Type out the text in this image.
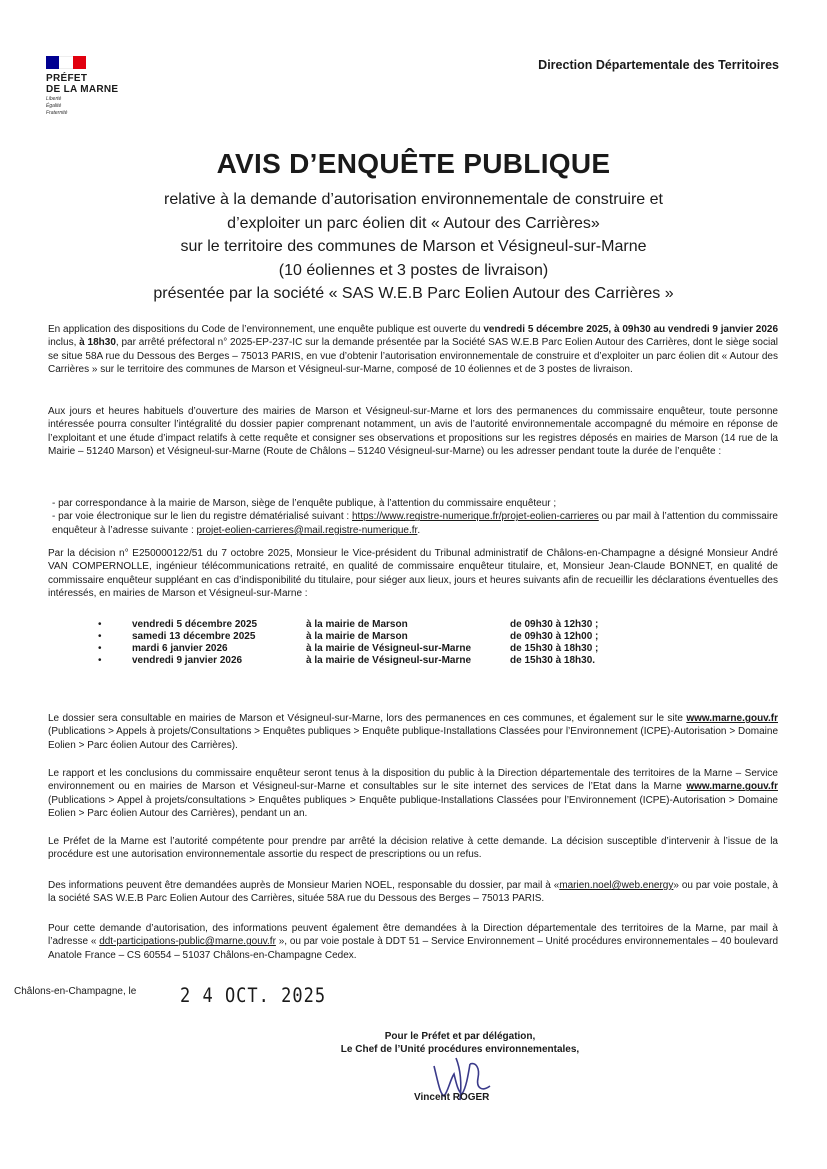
PRÉFET
DE LA MARNE
Liberté
Égalité
Fraternité
Direction Départementale des Territoires
AVIS D’ENQUÊTE PUBLIQUE
relative à la demande d’autorisation environnementale de construire et
d’exploiter un parc éolien dit « Autour des Carrières»
sur le territoire des communes de Marson et Vésigneul-sur-Marne
(10 éoliennes et 3 postes de livraison)
présentée par la société « SAS W.E.B Parc Eolien Autour des Carrières »

En application des dispositions du Code de l’environnement, une enquête publique est ouverte du vendredi 5 décembre 2025, à 09h30 au vendredi 9 janvier 2026 inclus, à 18h30, par arrêté préfectoral n° 2025-EP-237-IC sur la demande présentée par la Société SAS W.E.B Parc Eolien Autour des Carrières, dont le siège social se situe 58A rue du Dessous des Berges – 75013 PARIS, en vue d’obtenir l’autorisation environnementale de construire et d’exploiter un parc éolien dit « Autour des Carrières » sur le territoire des communes de Marson et Vésigneul-sur-Marne, composé de 10 éoliennes et de 3 postes de livraison.

Aux jours et heures habituels d’ouverture des mairies de Marson et Vésigneul-sur-Marne et lors des permanences du commissaire enquêteur, toute personne intéressée pourra consulter l’intégralité du dossier papier comprenant notamment, un avis de l’autorité environnementale accompagné du mémoire en réponse de l’exploitant et une étude d’impact relatifs à cette requête et consigner ses observations et propositions sur les registres déposés en mairies de Marson (14 rue de la Mairie – 51240 Marson) et Vésigneul-sur-Marne (Route de Châlons – 51240 Vésigneul-sur-Marne) ou les adresser pendant toute la durée de l’enquête :

- par correspondance à la mairie de Marson, siège de l’enquête publique, à l’attention du commissaire enquêteur ;

- par voie électronique sur le lien du registre dématérialisé suivant : https://www.registre-numerique.fr/projet-eolien-carrieres ou par mail à l’attention du commissaire enquêteur à l’adresse suivante : projet-eolien-carrieres@mail.registre-numerique.fr.

Par la décision n° E250000122/51 du 7 octobre 2025, Monsieur le Vice-président du Tribunal administratif de Châlons-en-Champagne a désigné Monsieur André VAN COMPERNOLLE, ingénieur télécommunications retraité, en qualité de commissaire enquêteur titulaire, et, Monsieur Jean-Claude BONNET, en qualité de commissaire enquêteur suppléant en cas d’indisponibilité du titulaire, pour siéger aux lieux, jours et heures suivants afin de recueillir les déclarations éventuelles des intéressés, en mairies de Marson et Vésigneul-sur-Marne :

•	vendredi 5 décembre 2025	à la mairie de Marson	de 09h30 à 12h30 ;
•	samedi 13 décembre 2025	à la mairie de Marson	de 09h30 à 12h00 ;
•	mardi 6 janvier 2026	à la mairie de Vésigneul-sur-Marne	de 15h30 à 18h30 ;
•	vendredi 9 janvier 2026	à la mairie de Vésigneul-sur-Marne	de 15h30 à 18h30.

Le dossier sera consultable en mairies de Marson et Vésigneul-sur-Marne, lors des permanences en ces communes, et également sur le site www.marne.gouv.fr (Publications > Appels à projets/Consultations > Enquêtes publiques > Enquête publique-Installations Classées pour l’Environnement (ICPE)-Autorisation > Domaine Eolien > Parc éolien Autour des Carrières).

Le rapport et les conclusions du commissaire enquêteur seront tenus à la disposition du public à la Direction départementale des territoires de la Marne – Service environnement ou en mairies de Marson et Vésigneul-sur-Marne et consultables sur le site internet des services de l’Etat dans la Marne www.marne.gouv.fr (Publications > Appel à projets/consultations > Enquêtes publiques > Enquête publique-Installations Classées pour l’Environnement (ICPE)-Autorisation > Domaine Eolien > Parc éolien Autour des Carrières), pendant un an.

Le Préfet de la Marne est l’autorité compétente pour prendre par arrêté la décision relative à cette demande. La décision susceptible d’intervenir à l’issue de la procédure est une autorisation environnementale assortie du respect de prescriptions ou un refus.

Des informations peuvent être demandées auprès de Monsieur Marien NOEL, responsable du dossier, par mail à «marien.noel@web.energy» ou par voie postale, à la société SAS W.E.B Parc Eolien Autour des Carrières, située 58A rue du Dessous des Berges – 75013 PARIS.

Pour cette demande d’autorisation, des informations peuvent également être demandées à la Direction départementale des territoires de la Marne, par mail à l’adresse « ddt-participations-public@marne.gouv.fr », ou par voie postale à DDT 51 – Service Environnement – Unité procédures environnementales – 40 boulevard Anatole France – CS 60554 – 51037 Châlons-en-Champagne Cedex.

Châlons-en-Champagne, le	2 4 OCT. 2025
Pour le Préfet et par délégation,
Le Chef de l’Unité procédures environnementales,
Vincent ROGER
